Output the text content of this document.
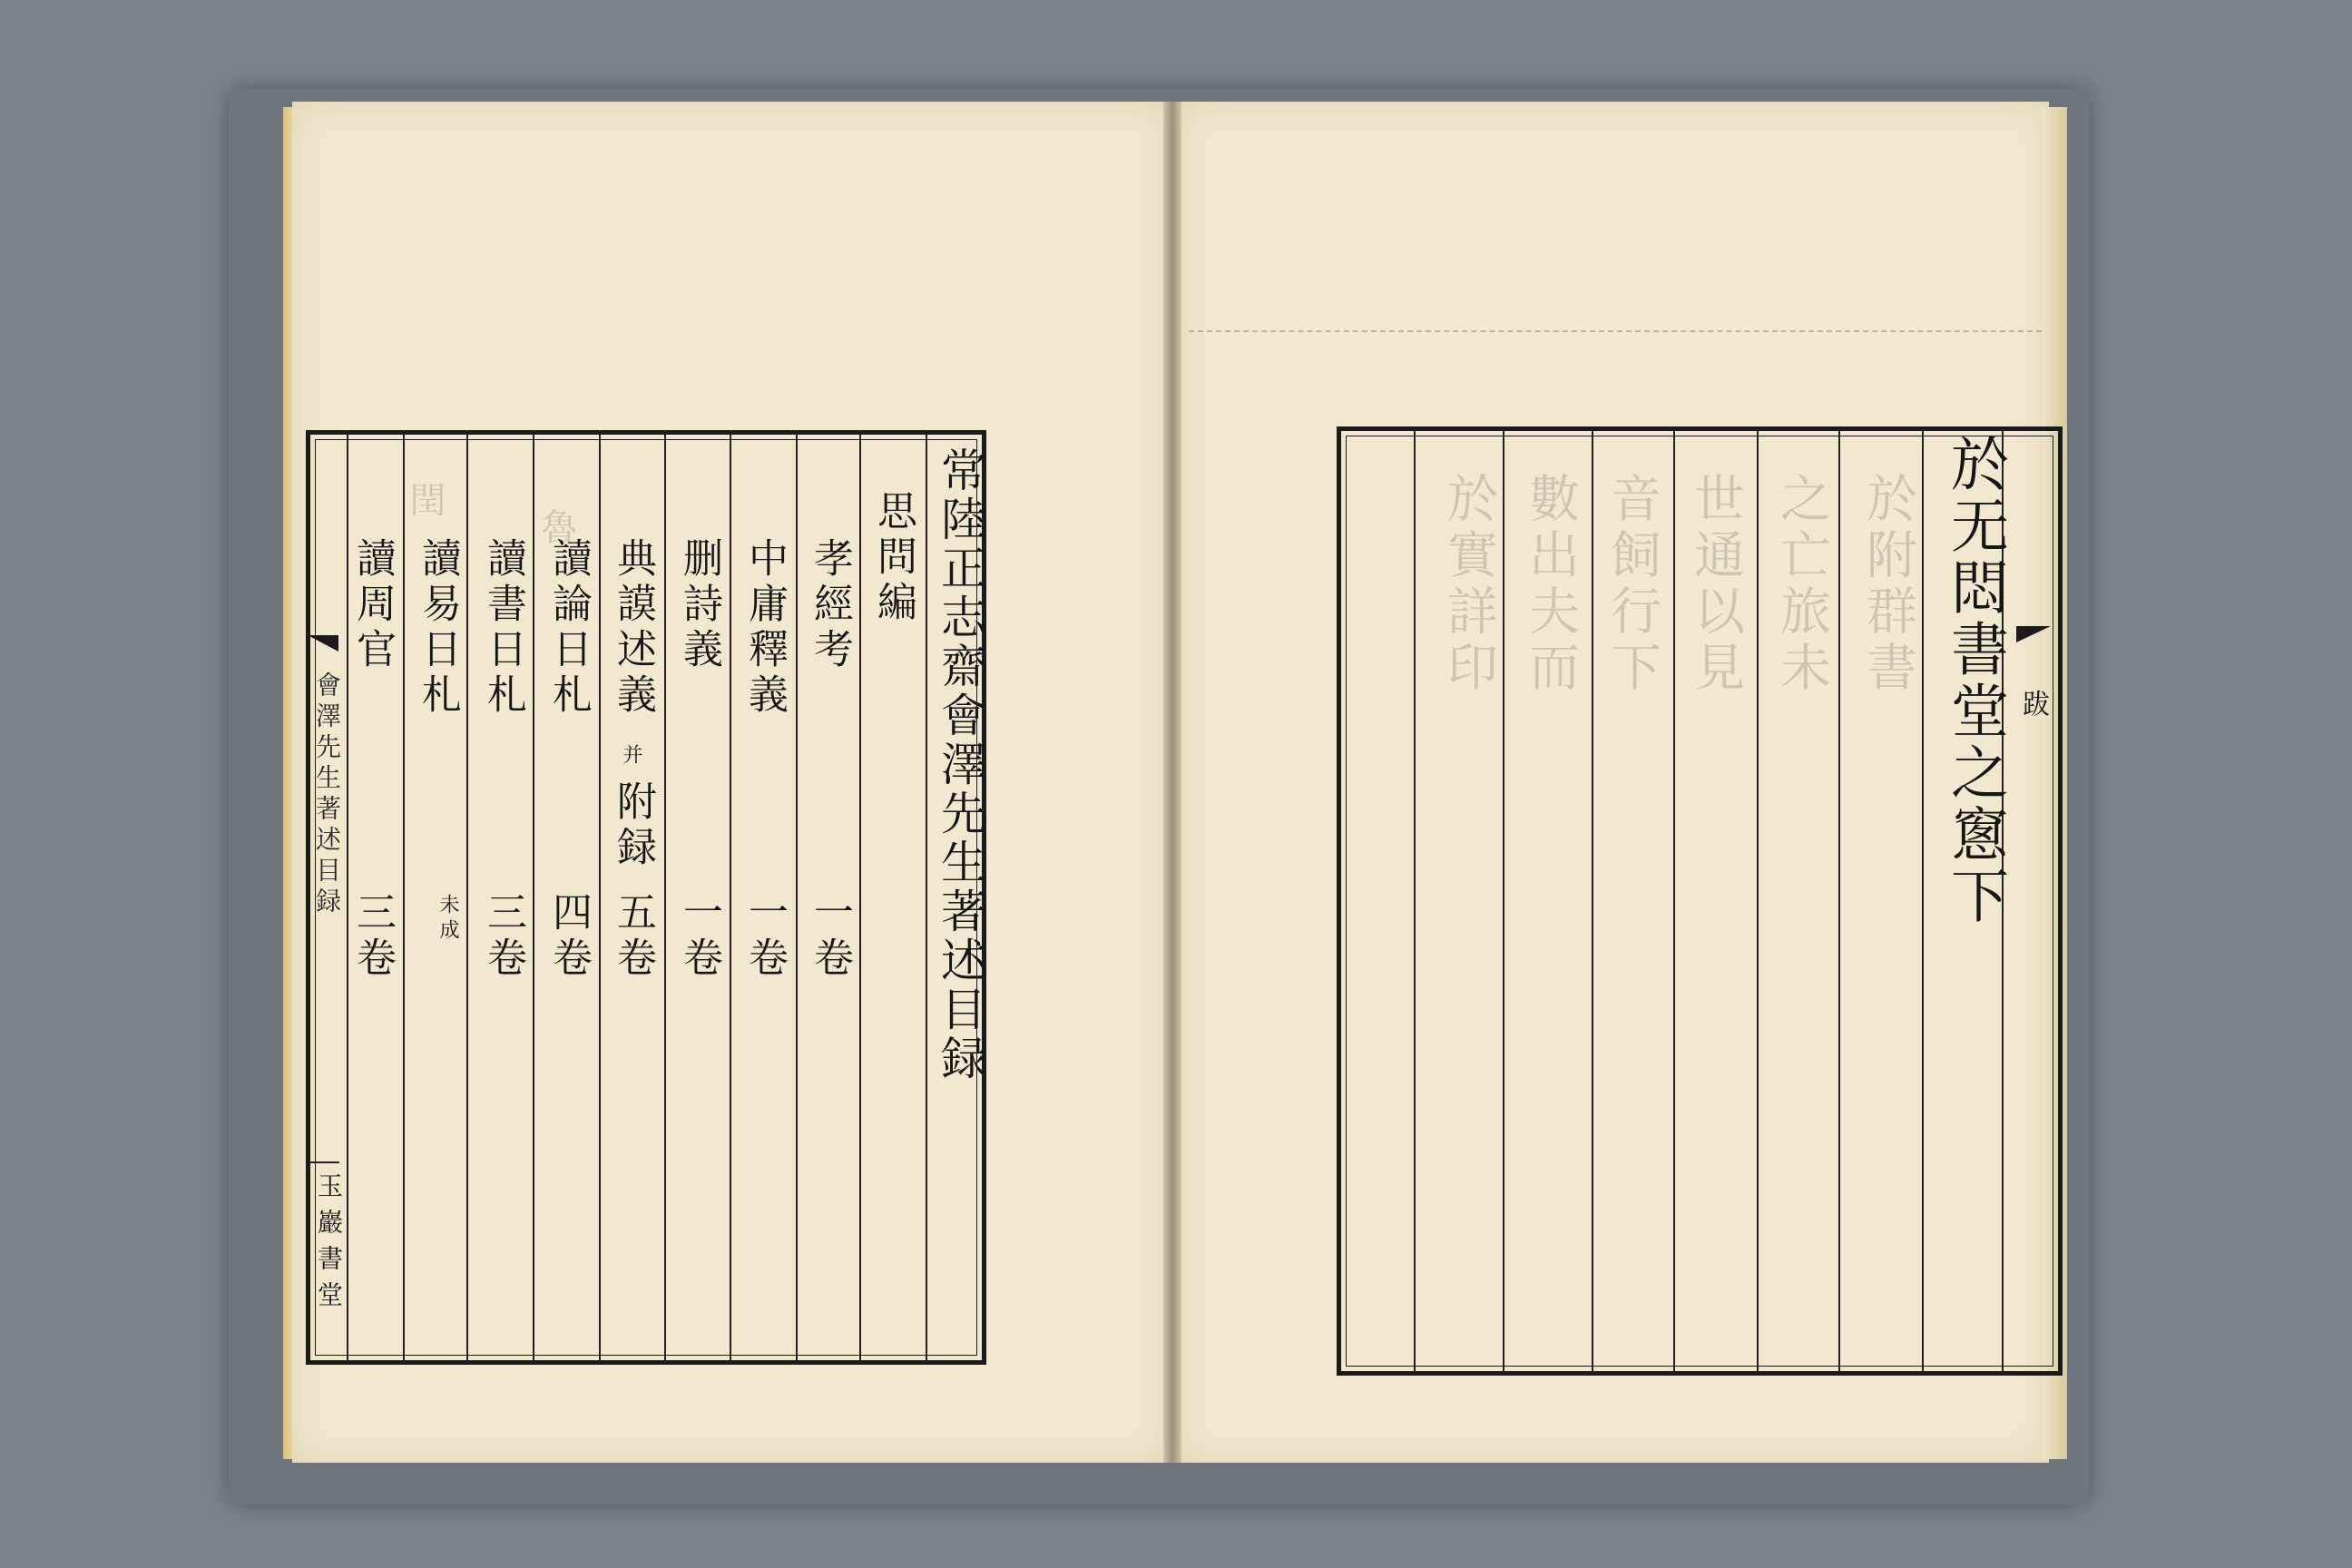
會澤先生著述目録
玉巖書堂
常陸正志齋會澤先生著述目録
思問編
孝經考
一卷
中庸釋義
一卷
删詩義
一卷
典謨述義
并
附録
五卷
讀論日札
四卷
讀書日札
三卷
讀易日札
未成
讀周官
三卷
閏
魯
跋
於无悶書堂之窻下
於附群書
之亡旅未
世通以見
音飼行下
數出夫而
於實詳印
